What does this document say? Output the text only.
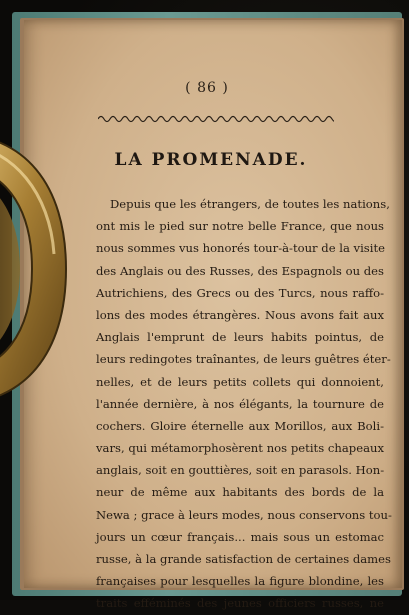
( 86 )
LA PROMENADE.
Depuis que les étrangers, de toutes les nations,
ont mis le pied sur notre belle France, que nous
nous sommes vus honorés tour-à-tour de la visite
des Anglais ou des Russes, des Espagnols ou des
Autrichiens, des Grecs ou des Turcs, nous raffo-
lons des modes étrangères. Nous avons fait aux
Anglais l'emprunt de leurs habits pointus, de
leurs redingotes traînantes, de leurs guêtres éter-
nelles, et de leurs petits collets qui donnoient,
l'année dernière, à nos élégants, la tournure de
cochers. Gloire éternelle aux Morillos, aux Boli-
vars, qui métamorphosèrent nos petits chapeaux
anglais, soit en gouttières, soit en parasols. Hon-
neur de même aux habitants des bords de la
Newa ; grace à leurs modes, nous conservons tou-
jours un cœur français... mais sous un estomac
russe, à la grande satisfaction de certaines dames
françaises pour lesquelles la figure blondine, les
traits efféminés des jeunes officiers russes, ne
